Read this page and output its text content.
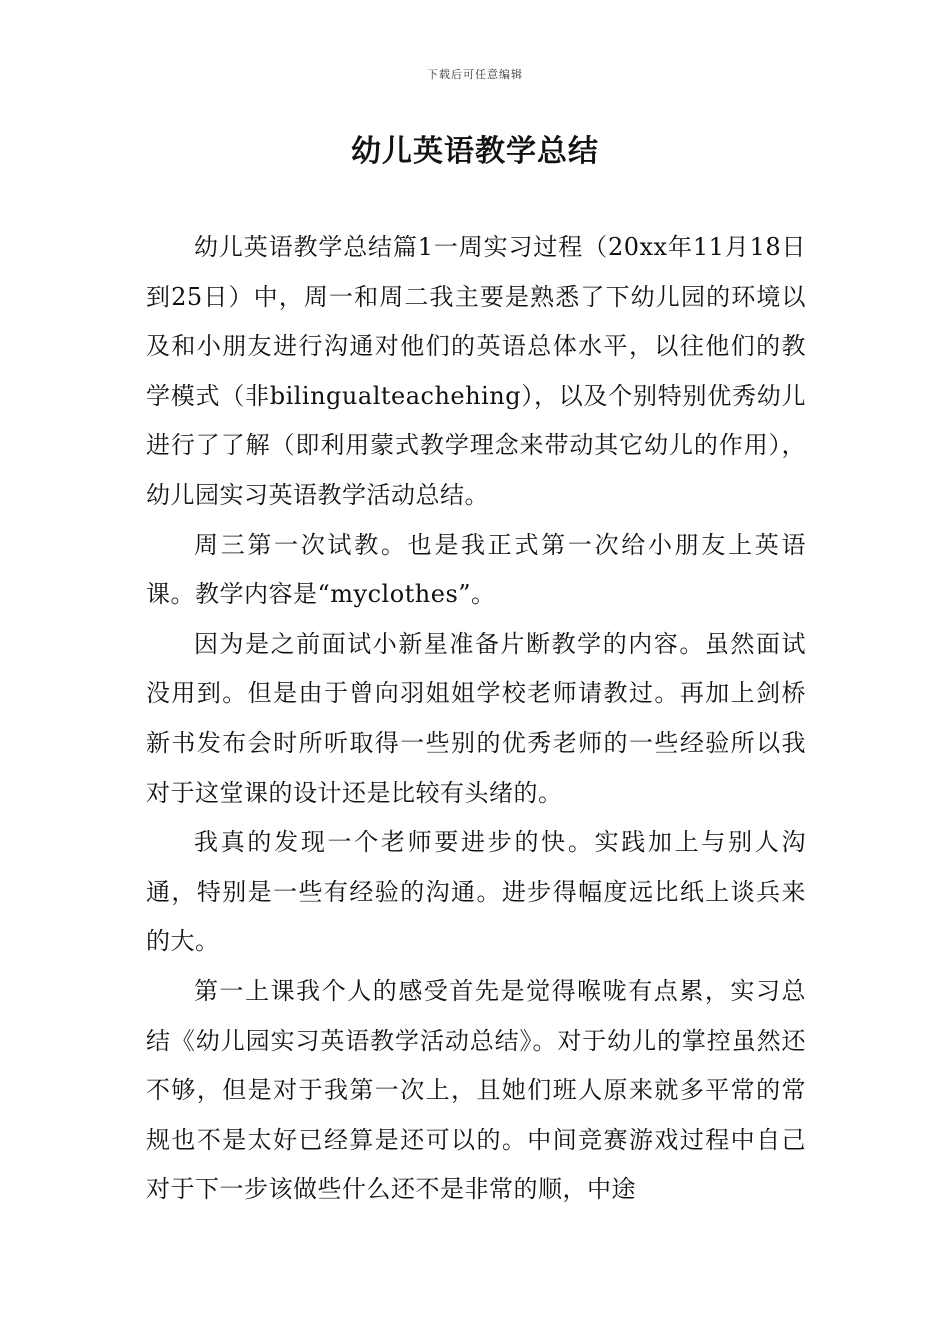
下载后可任意编辑
幼儿英语教学总结

幼儿英语教学总结篇1一周实习过程（20xx年11月18日到25日）中，周一和周二我主要是熟悉了下幼儿园的环境以及和小朋友进行沟通对他们的英语总体水平，以往他们的教学模式（非bilingualteachehing），以及个别特别优秀幼儿进行了了解（即利用蒙式教学理念来带动其它幼儿的作用），幼儿园实习英语教学活动总结。

周三第一次试教。也是我正式第一次给小朋友上英语课。教学内容是“myclothes”。

因为是之前面试小新星准备片断教学的内容。虽然面试没用到。但是由于曾向羽姐姐学校老师请教过。再加上剑桥新书发布会时所听取得一些别的优秀老师的一些经验所以我对于这堂课的设计还是比较有头绪的。

我真的发现一个老师要进步的快。实践加上与别人沟通，特别是一些有经验的沟通。进步得幅度远比纸上谈兵来的大。

第一上课我个人的感受首先是觉得喉咙有点累，实习总结《幼儿园实习英语教学活动总结》。对于幼儿的掌控虽然还不够，但是对于我第一次上，且她们班人原来就多平常的常规也不是太好已经算是还可以的。中间竞赛游戏过程中自己对于下一步该做些什么还不是非常的顺，中途
